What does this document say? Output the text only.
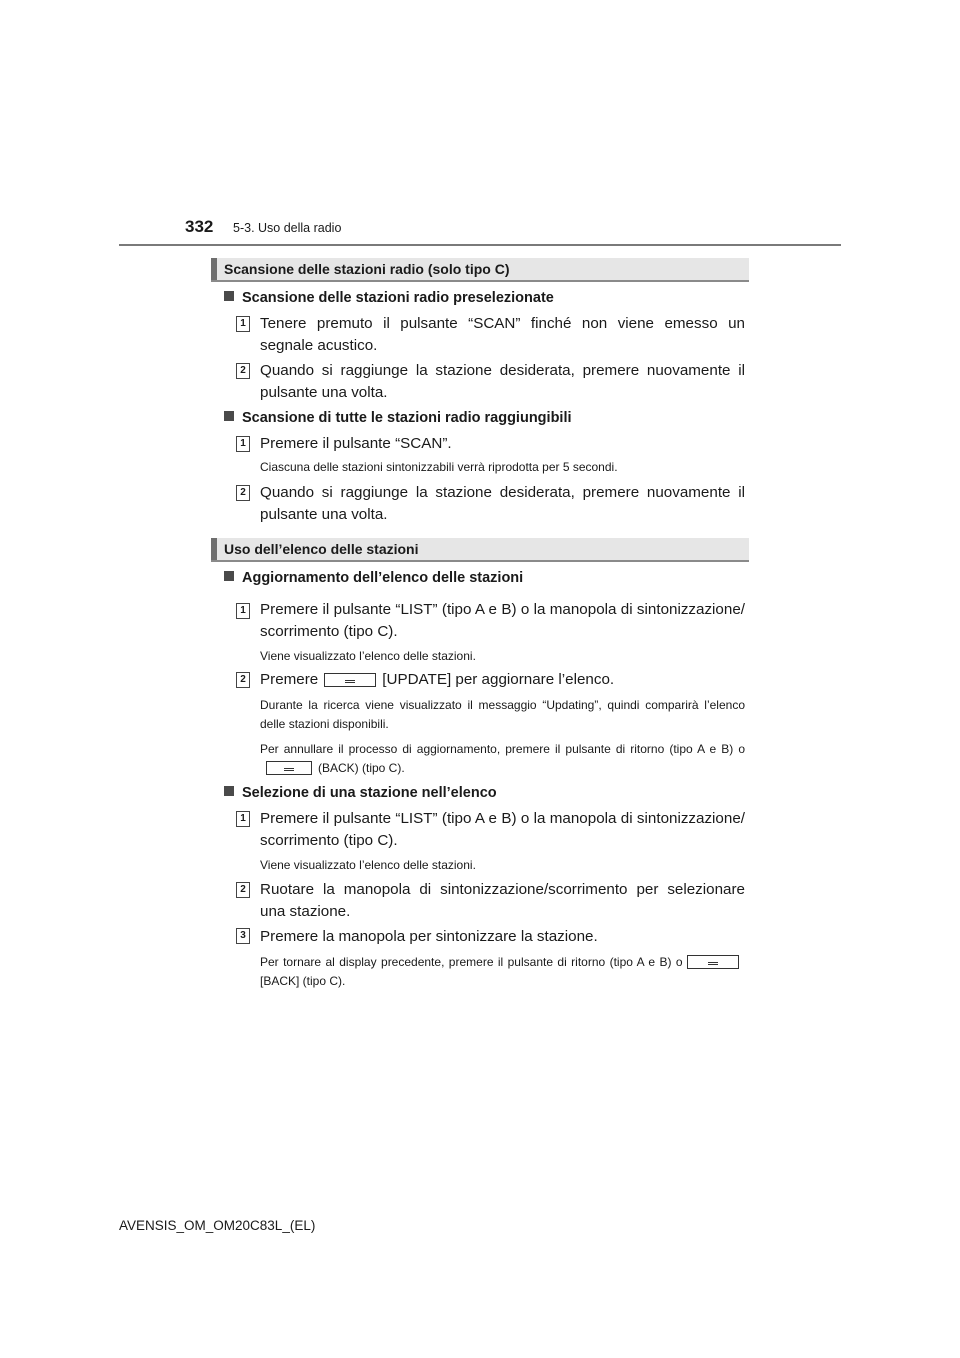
332 5-3. Uso della radio
Scansione delle stazioni radio (solo tipo C)
Scansione delle stazioni radio preselezionate
1 Tenere premuto il pulsante “SCAN” finché non viene emesso un segnale acustico.
2 Quando si raggiunge la stazione desiderata, premere nuovamente il pulsante una volta.
Scansione di tutte le stazioni radio raggiungibili
1 Premere il pulsante “SCAN”.
Ciascuna delle stazioni sintonizzabili verrà riprodotta per 5 secondi.
2 Quando si raggiunge la stazione desiderata, premere nuovamente il pulsante una volta.
Uso dell’elenco delle stazioni
Aggiornamento dell’elenco delle stazioni
1 Premere il pulsante “LIST” (tipo A e B) o la manopola di sintonizzazione/ scorrimento (tipo C).
Viene visualizzato l’elenco delle stazioni.
2 Premere	[UPDATE] per aggiornare l’elenco.
Durante la ricerca viene visualizzato il messaggio “Updating”, quindi comparirà l’elenco delle stazioni disponibili.
Per annullare il processo di aggiornamento, premere il pulsante di ritorno (tipo A e B) o(BACK) (tipo C).
Selezione di una stazione nell’elenco
1 Premere il pulsante “LIST” (tipo A e B) o la manopola di sintonizzazione/ scorrimento (tipo C).
Viene visualizzato l’elenco delle stazioni.
2 Ruotare la manopola di sintonizzazione/scorrimento per selezionare una stazione.
3 Premere la manopola per sintonizzare la stazione.
Per tornare al display precedente, premere il pulsante di ritorno (tipo A e B) o [BACK] (tipo C).
AVENSIS_OM_OM20C83L_(EL)
